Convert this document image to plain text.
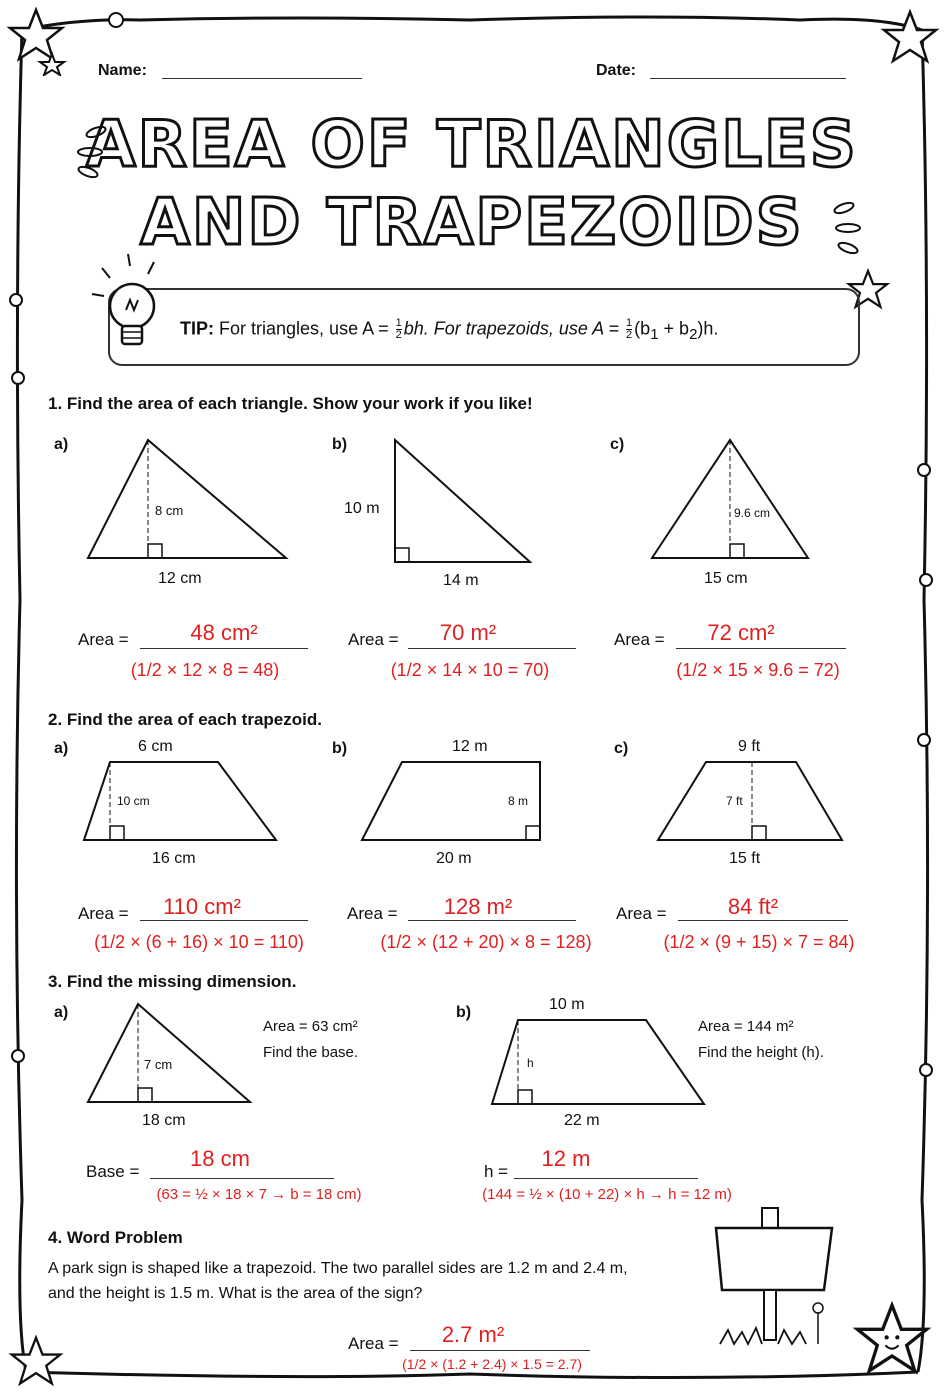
Name:	Date:
AREA OF TRIANGLES
AND TRAPEZOIDS
TIP: For triangles, use $A = \frac{1}{2}$ bh. For trapezoids, use $A = \frac{1}{2} (b_1 + b_2)h$.
1. Find the area of each triangle. Show your work if you like!
a)	b)	c)
8 cm
12 cm
10 m
14 m
9.6 cm
15 cm
Area =	48 cm²
(1/2 × 12 × 8 = 48)
Area =	70 m²
(1/2 × 14 × 10 = 70)
Area =	72 cm²
(1/2 × 15 × 9.6 = 72)
2. Find the area of each trapezoid.
a)	b)	c)
6 cm	12 m	9 ft
10 cm	8 m	7 ft
16 cm	20 m	15 ft
Area =	110 cm²
(1/2 × (6 + 16) × 10 = 110)
Area =	128 m²
(1/2 × (12 + 20) × 8 = 128)
Area =	84 ft²
(1/2 × (9 + 15) × 7 = 84)
3. Find the missing dimension.
a)	b)	10 m
7 cm
18 cm
Area = 63 cm²
Find the base.
h
22 m
Area = 144 m²
Find the height (h).
Base =
18 cm
(63 = ½ × 18 × 7 → b = 18 cm)
h =
12 m
(144 = ½ × (10 + 22) × h → h = 12 m)
4. Word Problem
A park sign is shaped like a trapezoid. The two parallel sides are 1.2 m and 2.4 m,
and the height is 1.5 m. What is the area of the sign?
Area =	2.7 m²
(1/2 × (1.2 + 2.4) × 1.5 = 2.7)
